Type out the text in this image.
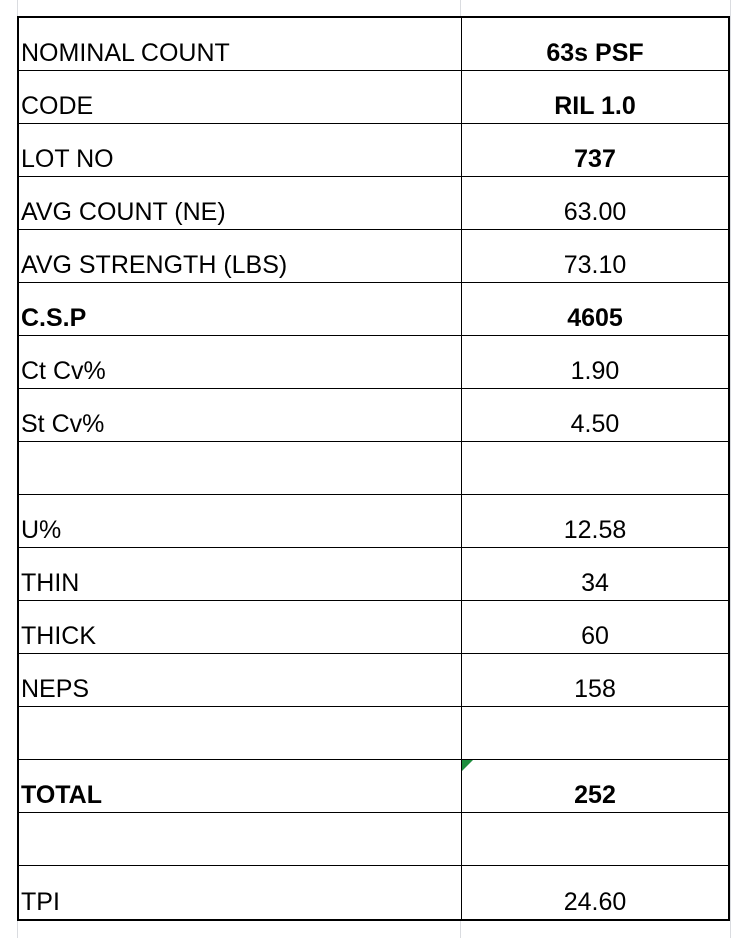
NOMINAL COUNT	63s PSF
CODE	RIL 1.0
LOT NO	737
AVG COUNT (NE)	63.00
AVG STRENGTH (LBS)	73.10
C.S.P	4605
Ct Cv%	1.90
St Cv%	4.50
U%	12.58
THIN	34
THICK	60
NEPS	158
TOTAL	252
TPI	24.60
